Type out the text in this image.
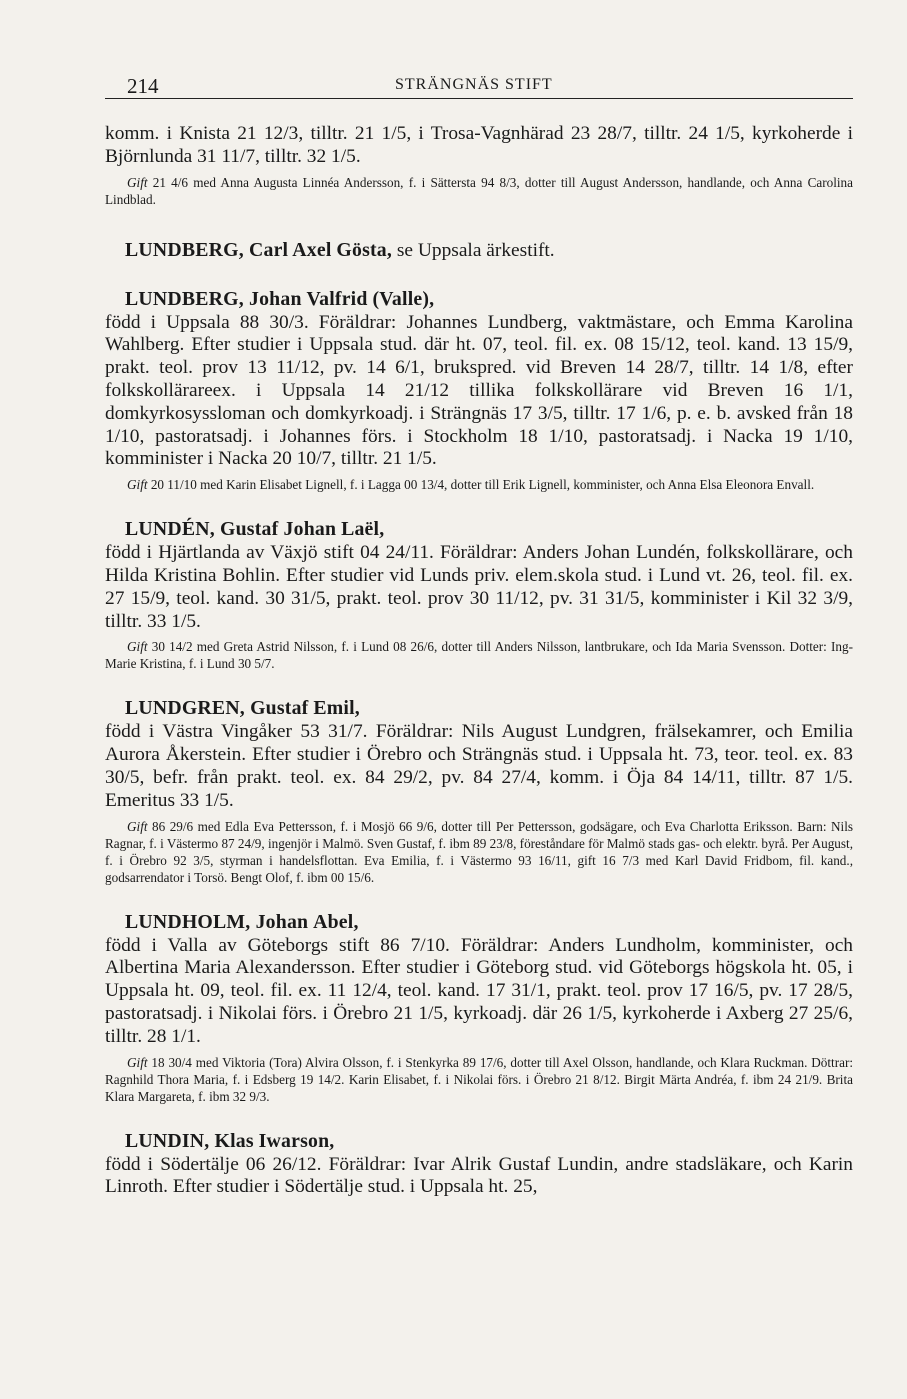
214	STRÄNGNÄS STIFT

komm. i Knista 21 12/3, tilltr. 21 1/5, i Trosa-Vagnhärad 23 28/7, tilltr. 24 1/5, kyrkoherde i Björnlunda 31 11/7, tilltr. 32 1/5.

Gift 21 4/6 med Anna Augusta Linnéa Andersson, f. i Sättersta 94 8/3, dotter till August Andersson, handlande, och Anna Carolina Lindblad.

LUNDBERG, Carl Axel Gösta, se Uppsala ärkestift.

LUNDBERG, Johan Valfrid (Valle),

född i Uppsala 88 30/3. Föräldrar: Johannes Lundberg, vaktmästare, och Emma Karolina Wahlberg. Efter studier i Uppsala stud. där ht. 07, teol. fil. ex. 08 15/12, teol. kand. 13 15/9, prakt. teol. prov 13 11/12, pv. 14 6/1, brukspred. vid Breven 14 28/7, tilltr. 14 1/8, efter folkskollärareex. i Uppsala 14 21/12 tillika folkskollärare vid Breven 16 1/1, domkyrkosyssloman och domkyrkoadj. i Strängnäs 17 3/5, tilltr. 17 1/6, p. e. b. avsked från 18 1/10, pastoratsadj. i Johannes förs. i Stockholm 18 1/10, pastoratsadj. i Nacka 19 1/10, komminister i Nacka 20 10/7, tilltr. 21 1/5.

Gift 20 11/10 med Karin Elisabet Lignell, f. i Lagga 00 13/4, dotter till Erik Lignell, komminister, och Anna Elsa Eleonora Envall.

LUNDÉN, Gustaf Johan Laël,

född i Hjärtlanda av Växjö stift 04 24/11. Föräldrar: Anders Johan Lundén, folkskollärare, och Hilda Kristina Bohlin. Efter studier vid Lunds priv. elem.skola stud. i Lund vt. 26, teol. fil. ex. 27 15/9, teol. kand. 30 31/5, prakt. teol. prov 30 11/12, pv. 31 31/5, komminister i Kil 32 3/9, tilltr. 33 1/5.

Gift 30 14/2 med Greta Astrid Nilsson, f. i Lund 08 26/6, dotter till Anders Nilsson, lantbrukare, och Ida Maria Svensson. Dotter: Ing-Marie Kristina, f. i Lund 30 5/7.

LUNDGREN, Gustaf Emil,

född i Västra Vingåker 53 31/7. Föräldrar: Nils August Lundgren, frälsekamrer, och Emilia Aurora Åkerstein. Efter studier i Örebro och Strängnäs stud. i Uppsala ht. 73, teor. teol. ex. 83 30/5, befr. från prakt. teol. ex. 84 29/2, pv. 84 27/4, komm. i Öja 84 14/11, tilltr. 87 1/5. Emeritus 33 1/5.

Gift 86 29/6 med Edla Eva Pettersson, f. i Mosjö 66 9/6, dotter till Per Pettersson, godsägare, och Eva Charlotta Eriksson. Barn: Nils Ragnar, f. i Västermo 87 24/9, ingenjör i Malmö. Sven Gustaf, f. ibm 89 23/8, föreståndare för Malmö stads gas- och elektr. byrå. Per August, f. i Örebro 92 3/5, styrman i handelsflottan. Eva Emilia, f. i Västermo 93 16/11, gift 16 7/3 med Karl David Fridbom, fil. kand., godsarrendator i Torsö. Bengt Olof, f. ibm 00 15/6.

LUNDHOLM, Johan Abel,

född i Valla av Göteborgs stift 86 7/10. Föräldrar: Anders Lundholm, komminister, och Albertina Maria Alexandersson. Efter studier i Göteborg stud. vid Göteborgs högskola ht. 05, i Uppsala ht. 09, teol. fil. ex. 11 12/4, teol. kand. 17 31/1, prakt. teol. prov 17 16/5, pv. 17 28/5, pastoratsadj. i Nikolai förs. i Örebro 21 1/5, kyrkoadj. där 26 1/5, kyrkoherde i Axberg 27 25/6, tilltr. 28 1/1.

Gift 18 30/4 med Viktoria (Tora) Alvira Olsson, f. i Stenkyrka 89 17/6, dotter till Axel Olsson, handlande, och Klara Ruckman. Döttrar: Ragnhild Thora Maria, f. i Edsberg 19 14/2. Karin Elisabet, f. i Nikolai förs. i Örebro 21 8/12. Birgit Märta Andréa, f. ibm 24 21/9. Brita Klara Margareta, f. ibm 32 9/3.

LUNDIN, Klas Iwarson,

född i Södertälje 06 26/12. Föräldrar: Ivar Alrik Gustaf Lundin, andre stadsläkare, och Karin Linroth. Efter studier i Södertälje stud. i Uppsala ht. 25,
